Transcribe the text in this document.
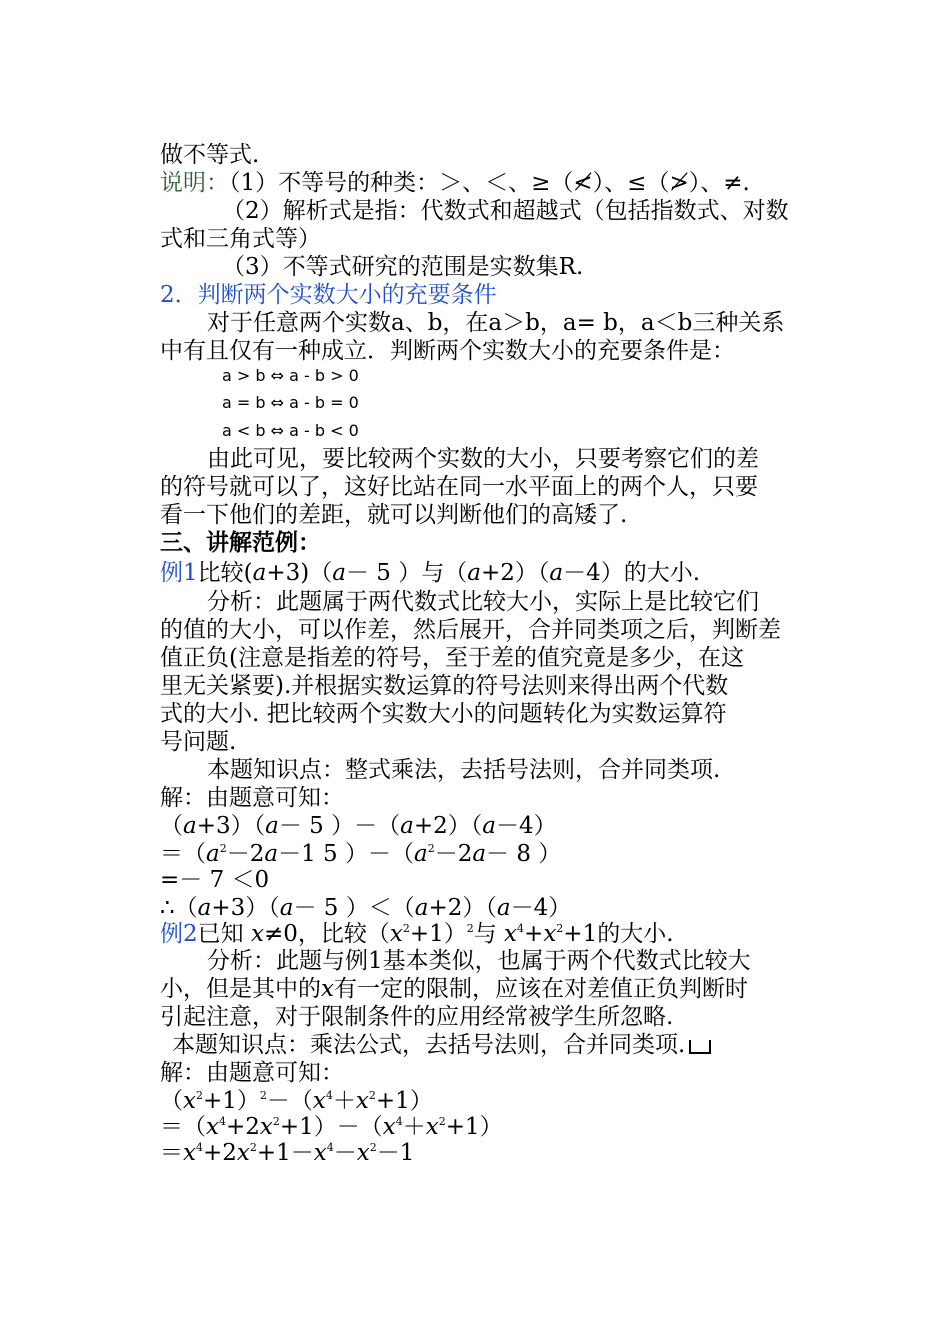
做不等式.
说明：（1）不等号的种类：＞、＜、≥（≮）、≤（≯）、≠.
（2）解析式是指：代数式和超越式（包括指数式、对数
式和三角式等）
（3）不等式研究的范围是实数集R.
2．判断两个实数大小的充要条件
对于任意两个实数a、b，在a＞b，a= b，a＜b三种关系
中有且仅有一种成立．判断两个实数大小的充要条件是：
a > b ⇔ a - b > 0
a = b ⇔ a - b = 0
a < b ⇔ a - b < 0
由此可见，要比较两个实数的大小，只要考察它们的差
的符号就可以了，这好比站在同一水平面上的两个人，只要
看一下他们的差距，就可以判断他们的高矮了.
三、讲解范例：
例1比较(a+3)（a－ 5 ）与（a+2）（a－4）的大小.
分析：此题属于两代数式比较大小，实际上是比较它们
的值的大小，可以作差，然后展开，合并同类项之后，判断差
值正负(注意是指差的符号，至于差的值究竟是多少，在这
里无关紧要).并根据实数运算的符号法则来得出两个代数
式的大小. 把比较两个实数大小的问题转化为实数运算符
号问题.
本题知识点：整式乘法，去括号法则，合并同类项.
解：由题意可知：
（a+3）（a－ 5 ）－（a+2）（a－4）
$=(a^2-2a-1$ 5 ）$-(a^2-2a- 8$ ）
=－ 7 ＜0
∴（a+3）（a－ 5 ）＜（a+2）（a－4）
例2已知 x≠0，比较$(x^2+1)^2$与 $x^4+x^2+1$的大小.
分析：此题与例1基本类似，也属于两个代数式比较大
小，但是其中的x有一定的限制，应该在对差值正负判断时
引起注意，对于限制条件的应用经常被学生所忽略.
本题知识点：乘法公式，去括号法则，合并同类项.
解：由题意可知：
$(x^2+1)^2-(x^4+x^2+1)$
$=(x^4+2x^2+1)-(x^4+x^2+1)$
$=x^4+2x^2+1-x^4-x^2-1$
